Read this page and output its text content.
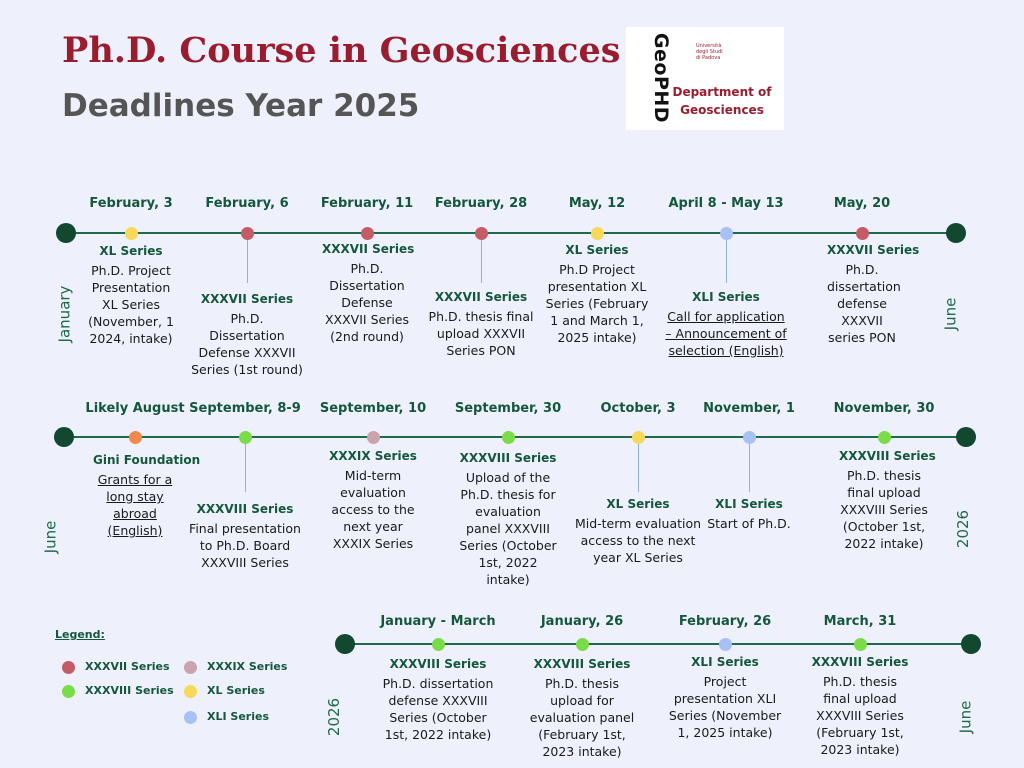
Ph.D. Course in Geosciences
Deadlines Year 2025	GeoPHD	Università degli Studi di Padova
Department of Geosciences
Legend:
January	June
February, 3
XL Series
Ph.D. Project Presentation XL Series (November, 1 2024, intake)
February, 6
XXXVII Series
Ph.D. Dissertation Defense XXXVII Series (1st round)
February, 11
XXXVII Series
Ph.D. Dissertation Defense XXXVII Series (2nd round)
February, 28
XXXVII Series
Ph.D. thesis final upload XXXVII Series PON
May, 12
XL Series
Ph.D Project presentation XL Series (February 1 and March 1, 2025 intake)
April 8 - May 13
XLI Series
Call for application – Announcement of selection (English)
May, 20
XXXVII Series
Ph.D. dissertation defense XXXVII series PON
June	2026
Likely August
Gini Foundation
Grants for a long stay abroad (English)
September, 8-9
XXXVIII Series
Final presentation to Ph.D. Board XXXVIII Series
September, 10
XXXIX Series
Mid-term evaluation access to the next year XXXIX Series
September, 30
XXXVIII Series
Upload of the Ph.D. thesis for evaluation panel XXXVIII Series (October 1st, 2022 intake)
October, 3
XL Series
Mid-term evaluation access to the next year XL Series
November, 1
XLI Series
Start of Ph.D.
November, 30
XXXVIII Series
Ph.D. thesis final upload XXXVIII Series (October 1st, 2022 intake)
2026	June
January - March
XXXVIII Series
Ph.D. dissertation defense XXXVIII Series (October 1st, 2022 intake)
January, 26
XXXVIII Series
Ph.D. thesis upload for evaluation panel (February 1st, 2023 intake)
February, 26
XLI Series
Project presentation XLI Series (November 1, 2025 intake)
March, 31
XXXVIII Series
Ph.D. thesis final upload XXXVIII Series (February 1st, 2023 intake)
XXXVII Series
XXXVIII Series
XXXIX Series
XL Series
XLI Series
